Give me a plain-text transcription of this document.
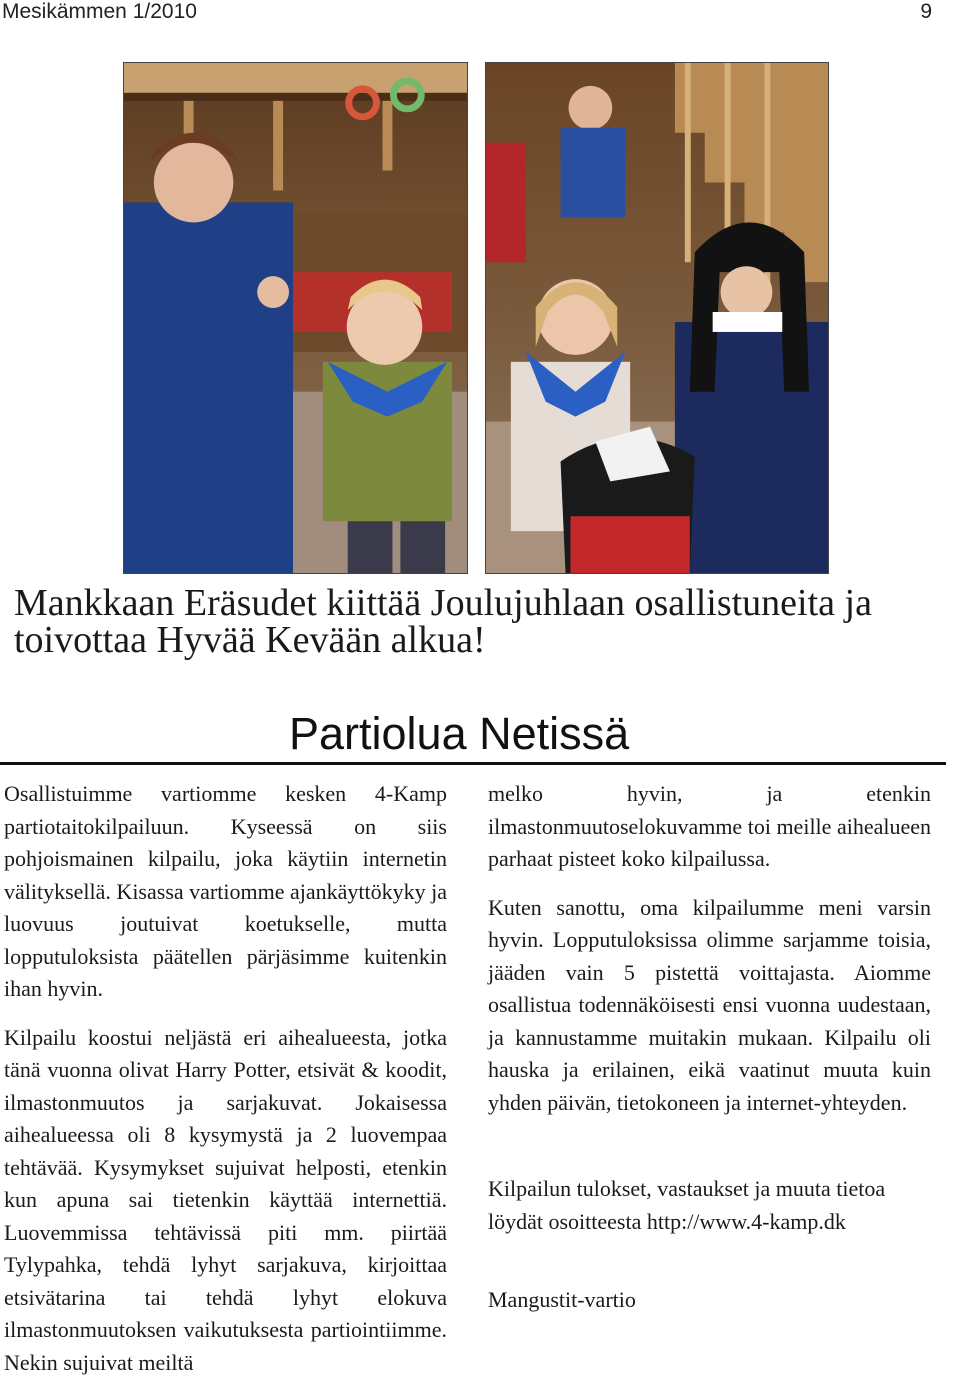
Mesikämmen 1/2010	9
Mankkaan Eräsudet kiittää Joulujuhlaan osallistuneita ja toivottaa Hyvää Kevään alkua!
Partiolua Netissä

Osallistuimme vartiomme kesken 4-Kamp partiotaitokilpailuun. Kyseessä on siis pohjoismainen kilpailu, joka käytiin internetin välityksellä. Kisassa vartiomme ajankäyttökyky ja luovuus joutuivat koetukselle, mutta lopputuloksista päätellen pärjäsimme kuitenkin ihan hyvin.

Kilpailu koostui neljästä eri aihealueesta, jotka tänä vuonna olivat Harry Potter, etsivät & koodit, ilmastonmuutos ja sarjakuvat. Jokaisessa aihealueessa oli 8 kysymystä ja 2 luovempaa tehtävää. Kysymykset sujuivat helposti, etenkin kun apuna sai tietenkin käyttää internettiä. Luovemmissa tehtävissä piti mm. piirtää Tylypahka, tehdä lyhyt sarjakuva, kirjoittaa etsivätarina tai tehdä lyhyt elokuva ilmastonmuutoksen vaikutuksesta partiointiimme. Nekin sujuivat meiltä

melko hyvin, ja etenkin ilmastonmuutoselokuvamme toi meille aihealueen parhaat pisteet koko kilpailussa.

Kuten sanottu, oma kilpailumme meni varsin hyvin. Lopputuloksissa olimme sarjamme toisia, jääden vain 5 pistettä voittajasta. Aiomme osallistua todennäköisesti ensi vuonna uudestaan, ja kannustamme muitakin mukaan. Kilpailu oli hauska ja erilainen, eikä vaatinut muuta kuin yhden päivän, tietokoneen ja internet-yhteyden.

Kilpailun tulokset, vastaukset ja muuta tietoa löydät osoitteesta http://www.4-kamp.dk

Mangustit-vartio
